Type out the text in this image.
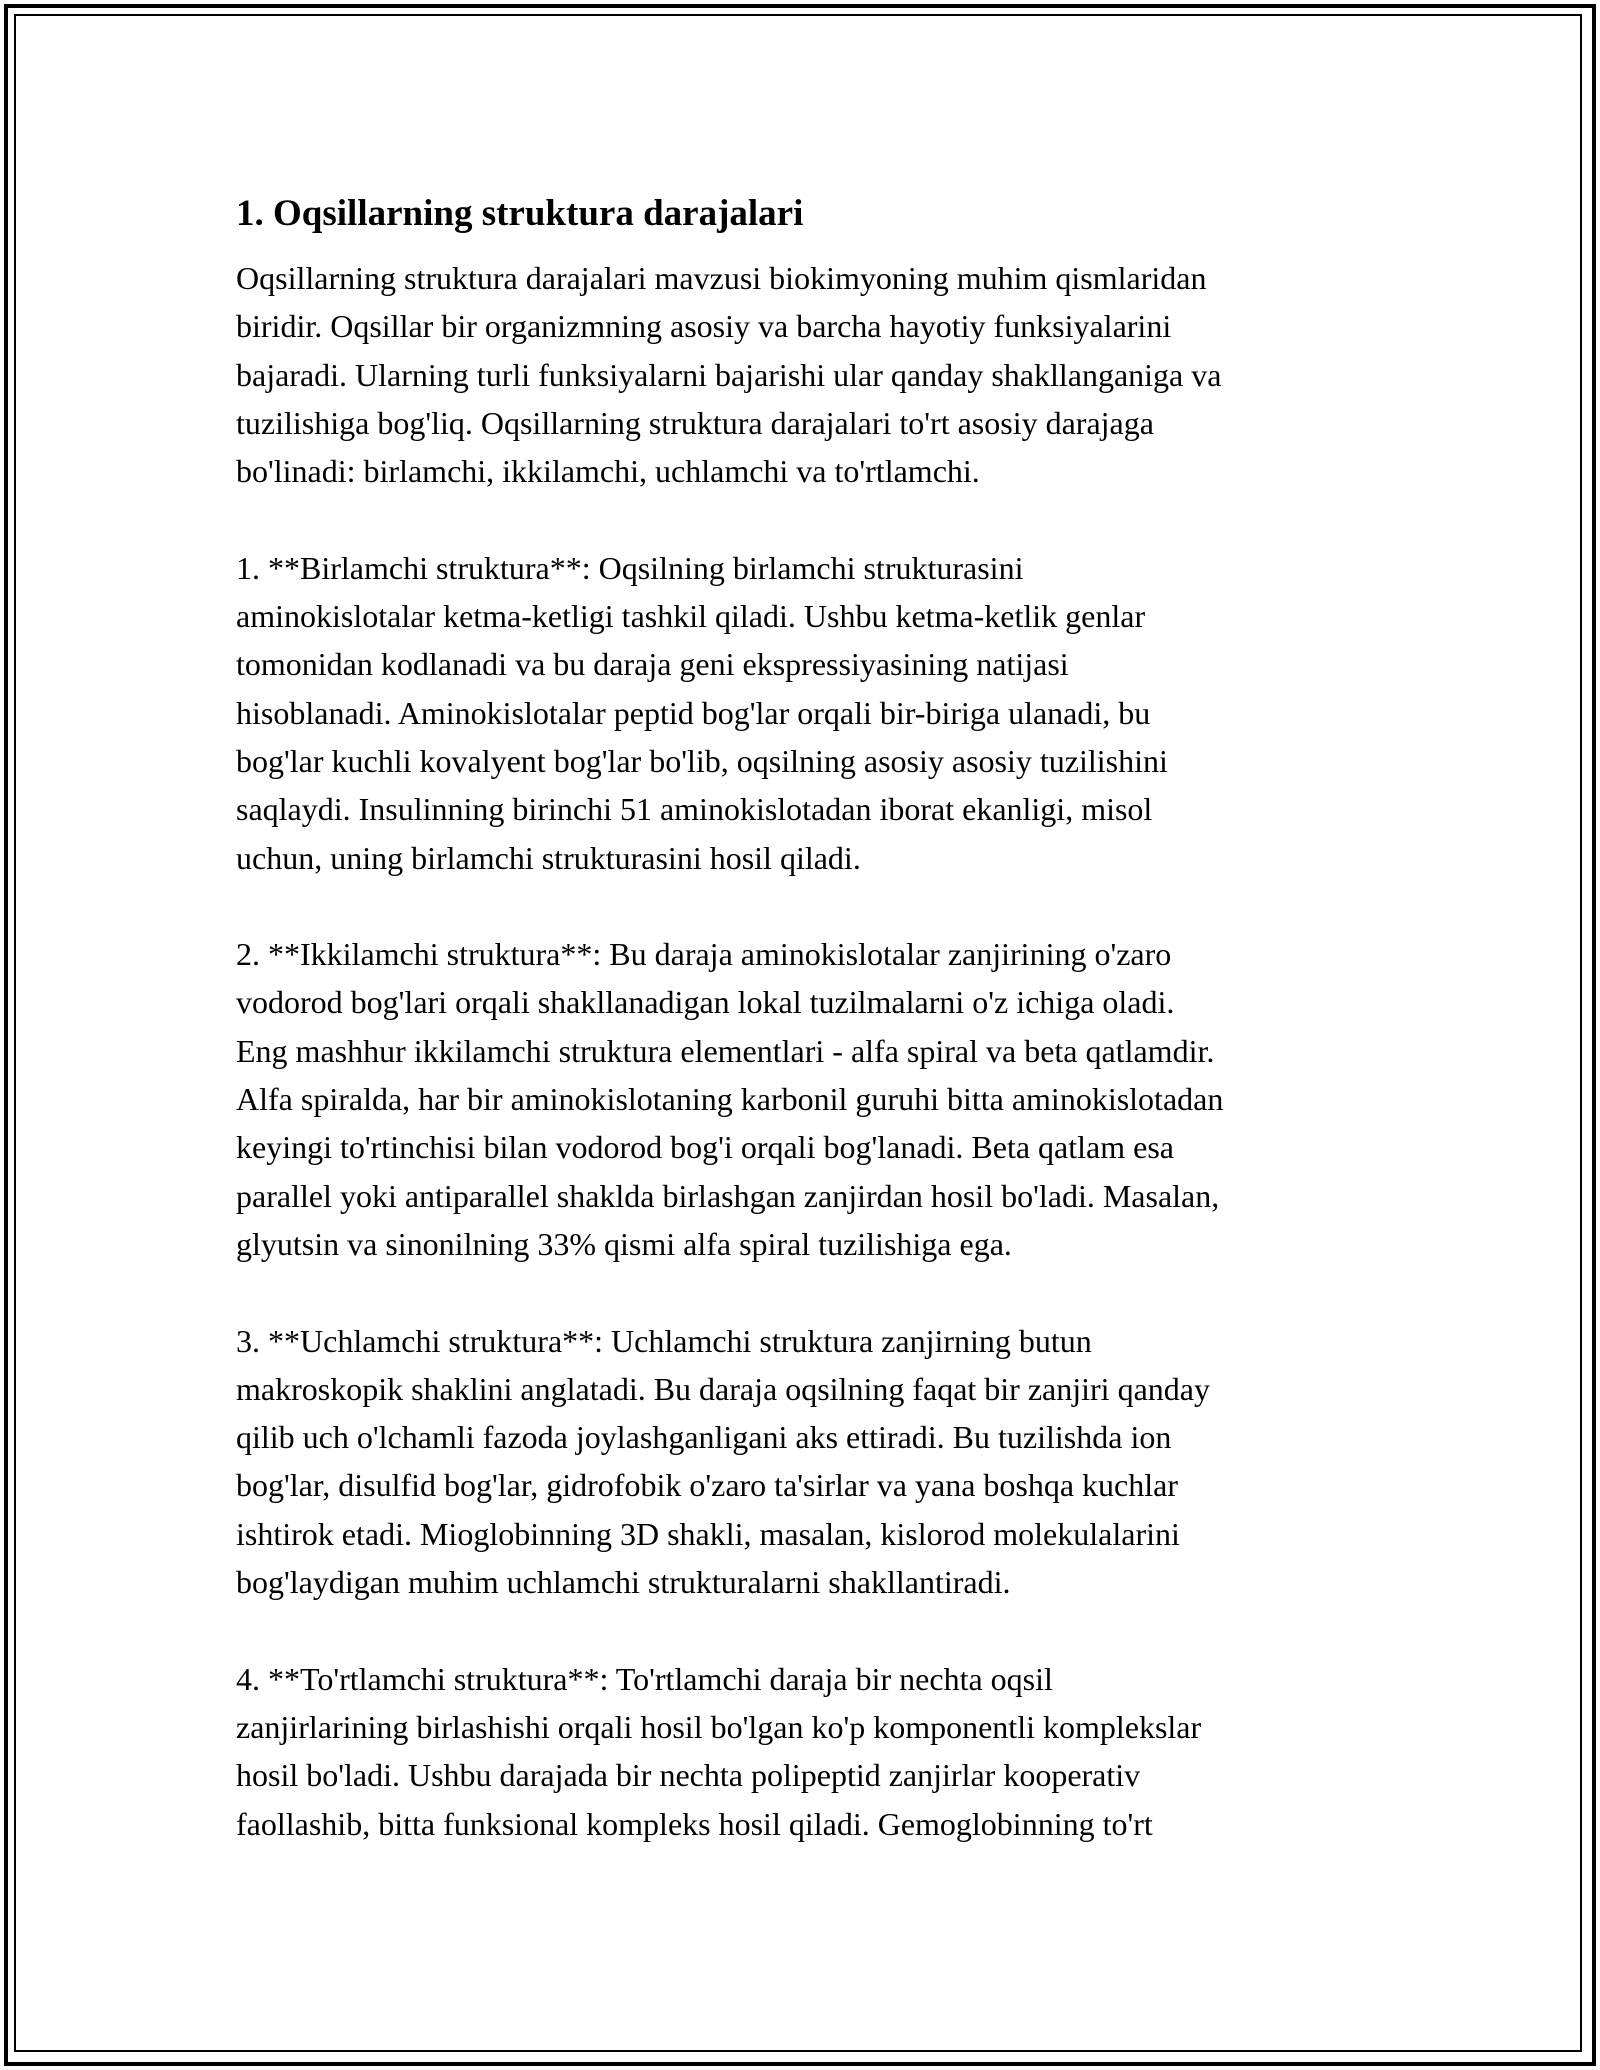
1. Oqsillarning struktura darajalari
Oqsillarning struktura darajalari mavzusi biokimyoning muhim qismlaridan
biridir. Oqsillar bir organizmning asosiy va barcha hayotiy funksiyalarini
bajaradi. Ularning turli funksiyalarni bajarishi ular qanday shakllanganiga va
tuzilishiga bog'liq. Oqsillarning struktura darajalari to'rt asosiy darajaga
bo'linadi: birlamchi, ikkilamchi, uchlamchi va to'rtlamchi.
1. **Birlamchi struktura**: Oqsilning birlamchi strukturasini
aminokislotalar ketma-ketligi tashkil qiladi. Ushbu ketma-ketlik genlar
tomonidan kodlanadi va bu daraja geni ekspressiyasining natijasi
hisoblanadi. Aminokislotalar peptid bog'lar orqali bir-biriga ulanadi, bu
bog'lar kuchli kovalyent bog'lar bo'lib, oqsilning asosiy asosiy tuzilishini
saqlaydi. Insulinning birinchi 51 aminokislotadan iborat ekanligi, misol
uchun, uning birlamchi strukturasini hosil qiladi.
2. **Ikkilamchi struktura**: Bu daraja aminokislotalar zanjirining o'zaro
vodorod bog'lari orqali shakllanadigan lokal tuzilmalarni o'z ichiga oladi.
Eng mashhur ikkilamchi struktura elementlari - alfa spiral va beta qatlamdir.
Alfa spiralda, har bir aminokislotaning karbonil guruhi bitta aminokislotadan
keyingi to'rtinchisi bilan vodorod bog'i orqali bog'lanadi. Beta qatlam esa
parallel yoki antiparallel shaklda birlashgan zanjirdan hosil bo'ladi. Masalan,
glyutsin va sinonilning 33% qismi alfa spiral tuzilishiga ega.
3. **Uchlamchi struktura**: Uchlamchi struktura zanjirning butun
makroskopik shaklini anglatadi. Bu daraja oqsilning faqat bir zanjiri qanday
qilib uch o'lchamli fazoda joylashganligani aks ettiradi. Bu tuzilishda ion
bog'lar, disulfid bog'lar, gidrofobik o'zaro ta'sirlar va yana boshqa kuchlar
ishtirok etadi. Mioglobinning 3D shakli, masalan, kislorod molekulalarini
bog'laydigan muhim uchlamchi strukturalarni shakllantiradi.
4. **To'rtlamchi struktura**: To'rtlamchi daraja bir nechta oqsil
zanjirlarining birlashishi orqali hosil bo'lgan ko'p komponentli komplekslar
hosil bo'ladi. Ushbu darajada bir nechta polipeptid zanjirlar kooperativ
faollashib, bitta funksional kompleks hosil qiladi. Gemoglobinning to'rt
